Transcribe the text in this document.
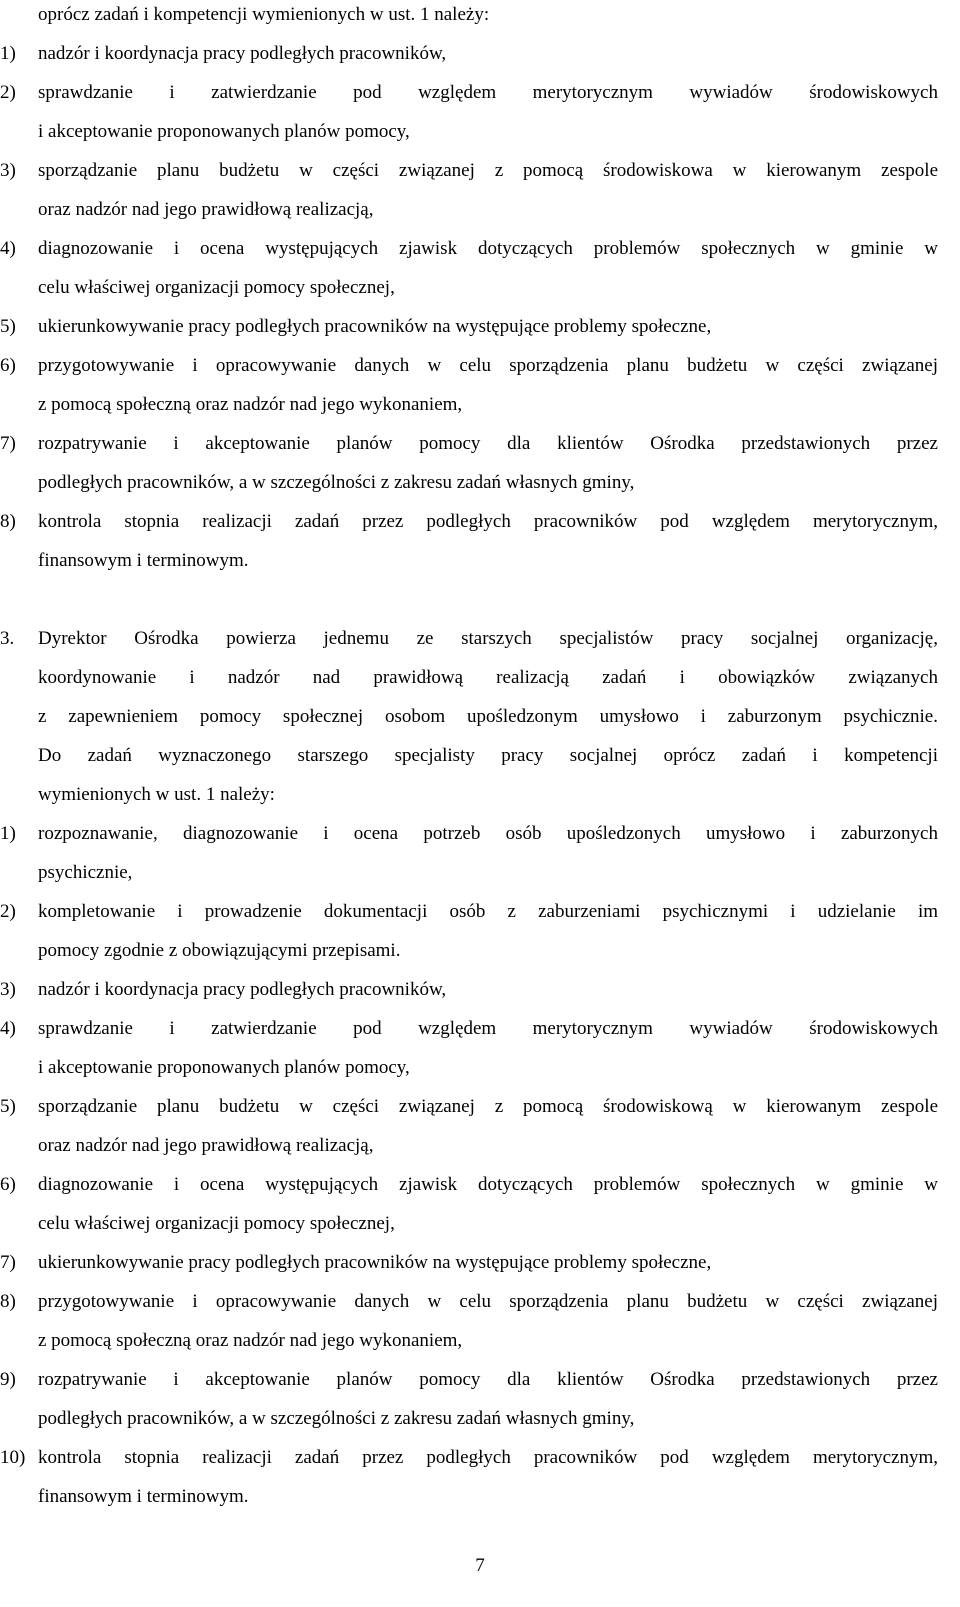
oprócz zadań i kompetencji wymienionych w ust. 1 należy:
1) nadzór i koordynacja pracy podległych pracowników,
2) sprawdzanie i zatwierdzanie pod względem merytorycznym wywiadów środowiskowych
i akceptowanie proponowanych planów pomocy,
3) sporządzanie planu budżetu w części związanej z pomocą środowiskowa w kierowanym zespole
oraz nadzór nad jego prawidłową realizacją,
4) diagnozowanie i ocena występujących zjawisk dotyczących problemów społecznych w gminie w
celu właściwej organizacji pomocy społecznej,
5) ukierunkowywanie pracy podległych pracowników na występujące problemy społeczne,
6) przygotowywanie i opracowywanie danych w celu sporządzenia planu budżetu w części związanej
z pomocą społeczną oraz nadzór nad jego wykonaniem,
7) rozpatrywanie i akceptowanie planów pomocy dla klientów Ośrodka przedstawionych przez
podległych pracowników, a w szczególności z zakresu zadań własnych gminy,
8) kontrola stopnia realizacji zadań przez podległych pracowników pod względem merytorycznym,
finansowym i terminowym.
3. Dyrektor Ośrodka powierza jednemu ze starszych specjalistów pracy socjalnej organizację,
koordynowanie i nadzór nad prawidłową realizacją zadań i obowiązków związanych
z zapewnieniem pomocy społecznej osobom upośledzonym umysłowo i zaburzonym psychicznie.
Do zadań wyznaczonego starszego specjalisty pracy socjalnej oprócz zadań i kompetencji
wymienionych w ust. 1 należy:
1) rozpoznawanie, diagnozowanie i ocena potrzeb osób upośledzonych umysłowo i zaburzonych
psychicznie,
2) kompletowanie i prowadzenie dokumentacji osób z zaburzeniami psychicznymi i udzielanie im
pomocy zgodnie z obowiązującymi przepisami.
3) nadzór i koordynacja pracy podległych pracowników,
4) sprawdzanie i zatwierdzanie pod względem merytorycznym wywiadów środowiskowych
i akceptowanie proponowanych planów pomocy,
5) sporządzanie planu budżetu w części związanej z pomocą środowiskową w kierowanym zespole
oraz nadzór nad jego prawidłową realizacją,
6) diagnozowanie i ocena występujących zjawisk dotyczących problemów społecznych w gminie w
celu właściwej organizacji pomocy społecznej,
7) ukierunkowywanie pracy podległych pracowników na występujące problemy społeczne,
8) przygotowywanie i opracowywanie danych w celu sporządzenia planu budżetu w części związanej
z pomocą społeczną oraz nadzór nad jego wykonaniem,
9) rozpatrywanie i akceptowanie planów pomocy dla klientów Ośrodka przedstawionych przez
podległych pracowników, a w szczególności z zakresu zadań własnych gminy,
10) kontrola stopnia realizacji zadań przez podległych pracowników pod względem merytorycznym,
finansowym i terminowym.
7
